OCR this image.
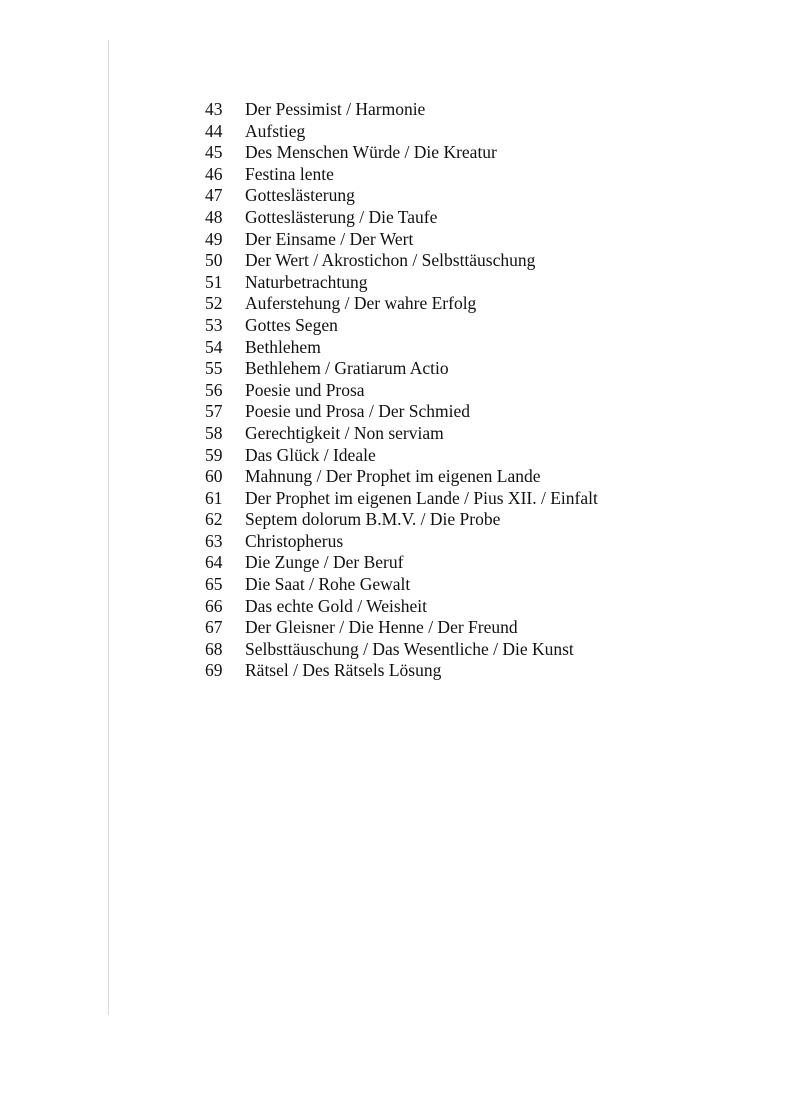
43	Der Pessimist / Harmonie
44	Aufstieg
45	Des Menschen Würde / Die Kreatur
46	Festina lente
47	Gotteslästerung
48	Gotteslästerung / Die Taufe
49	Der Einsame / Der Wert
50	Der Wert / Akrostichon / Selbsttäuschung
51	Naturbetrachtung
52	Auferstehung / Der wahre Erfolg
53	Gottes Segen
54	Bethlehem
55	Bethlehem / Gratiarum Actio
56	Poesie und Prosa
57	Poesie und Prosa / Der Schmied
58	Gerechtigkeit / Non serviam
59	Das Glück / Ideale
60	Mahnung / Der Prophet im eigenen Lande
61	Der Prophet im eigenen Lande / Pius XII. / Einfalt
62	Septem dolorum B.M.V. / Die Probe
63	Christopherus
64	Die Zunge / Der Beruf
65	Die Saat / Rohe Gewalt
66	Das echte Gold / Weisheit
67	Der Gleisner / Die Henne / Der Freund
68	Selbsttäuschung / Das Wesentliche / Die Kunst
69	Rätsel / Des Rätsels Lösung
